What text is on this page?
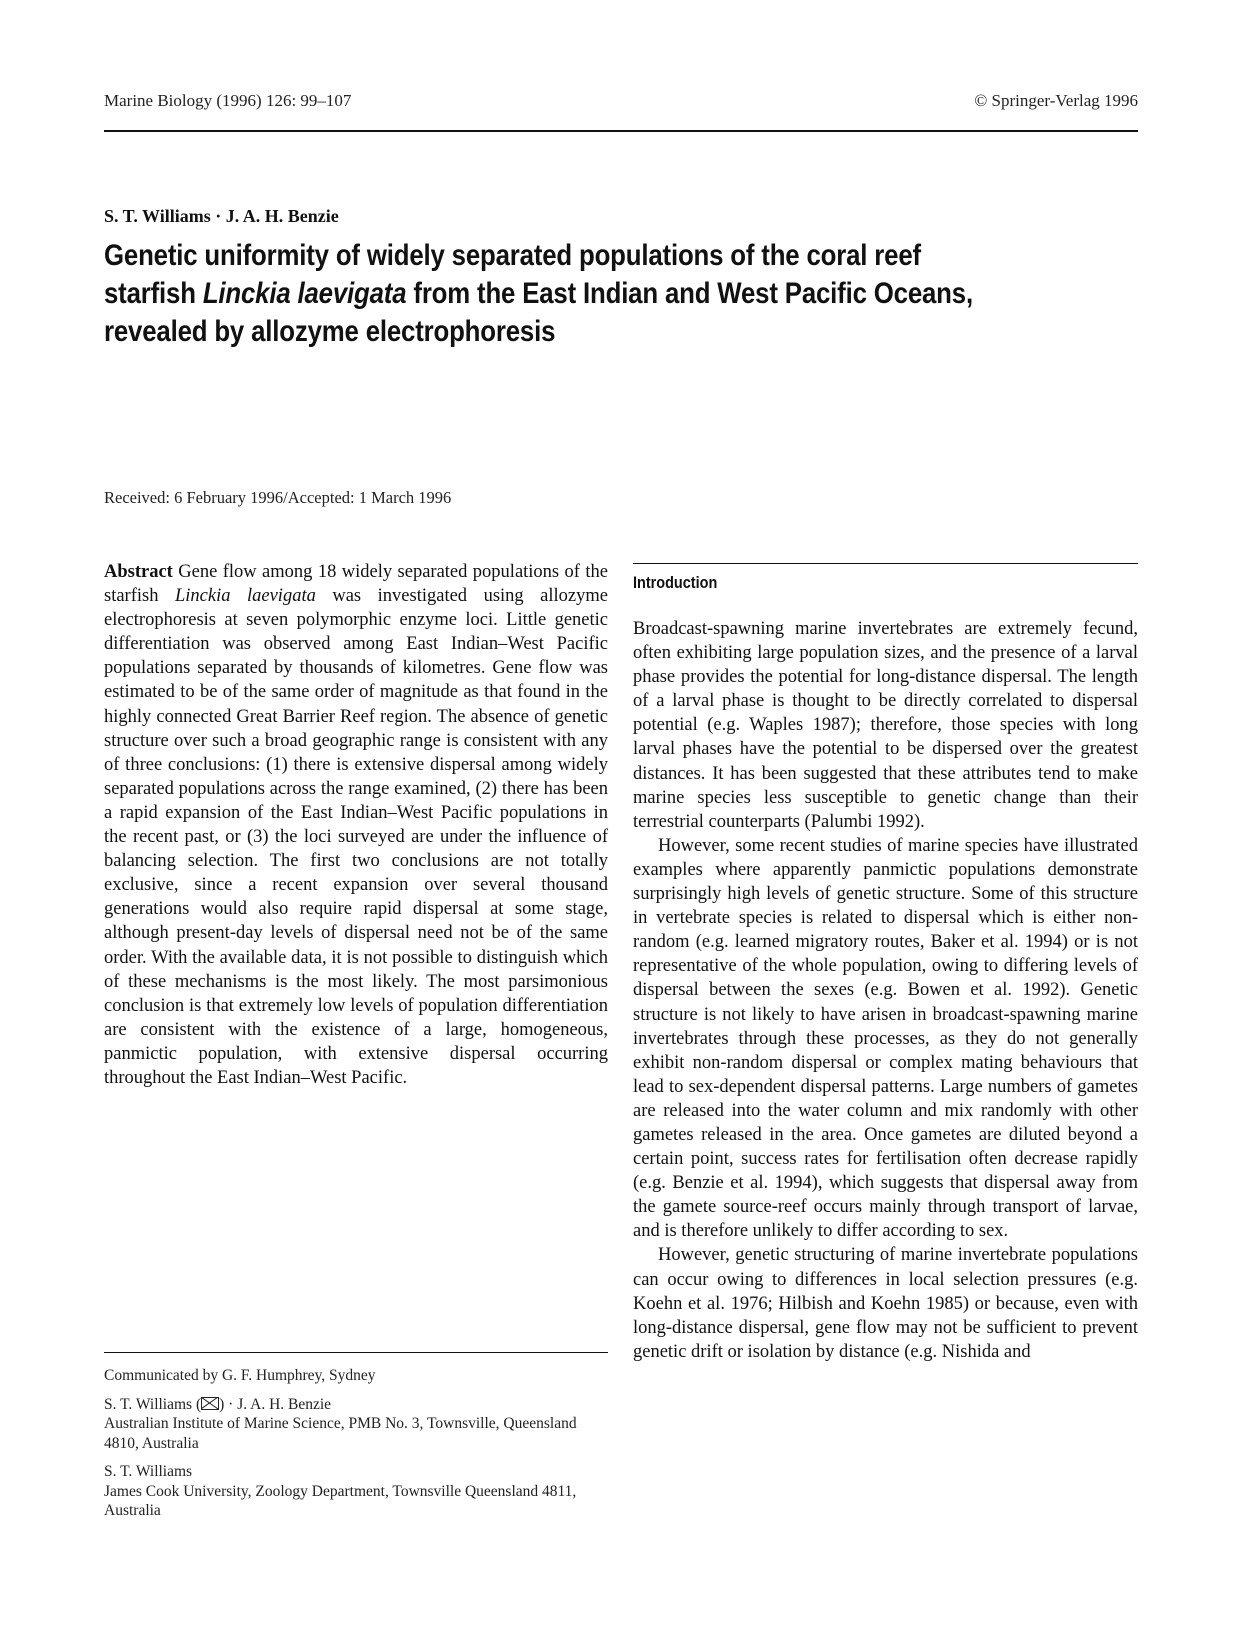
Marine Biology (1996) 126: 99–107	© Springer-Verlag 1996
S. T. Williams · J. A. H. Benzie
Genetic uniformity of widely separated populations of the coral reef starfish Linckia laevigata from the East Indian and West Pacific Oceans, revealed by allozyme electrophoresis
Received: 6 February 1996/Accepted: 1 March 1996

Abstract Gene flow among 18 widely separated populations of the starfish Linckia laevigata was investigated using allozyme electrophoresis at seven polymorphic enzyme loci. Little genetic differentiation was observed among East Indian–West Pacific populations separated by thousands of kilometres. Gene flow was estimated to be of the same order of magnitude as that found in the highly connected Great Barrier Reef region. The absence of genetic structure over such a broad geographic range is consistent with any of three conclusions: (1) there is extensive dispersal among widely separated populations across the range examined, (2) there has been a rapid expansion of the East Indian–West Pacific populations in the recent past, or (3) the loci surveyed are under the influence of balancing selection. The first two conclusions are not totally exclusive, since a recent expansion over several thousand generations would also require rapid dispersal at some stage, although present-day levels of dispersal need not be of the same order. With the available data, it is not possible to distinguish which of these mechanisms is the most likely. The most parsimonious conclusion is that extremely low levels of population differentiation are consistent with the existence of a large, homogeneous, panmictic population, with extensive dispersal occurring throughout the East Indian–West Pacific.

Communicated by G. F. Humphrey, Sydney
S. T. Williams ( ) · J. A. H. Benzie
Australian Institute of Marine Science, PMB No. 3, Townsville, Queensland 4810, Australia
S. T. Williams
James Cook University, Zoology Department, Townsville Queensland 4811, Australia
Introduction

Broadcast-spawning marine invertebrates are extremely fecund, often exhibiting large population sizes, and the presence of a larval phase provides the potential for long-distance dispersal. The length of a larval phase is thought to be directly correlated to dispersal potential (e.g. Waples 1987); therefore, those species with long larval phases have the potential to be dispersed over the greatest distances. It has been suggested that these attributes tend to make marine species less susceptible to genetic change than their terrestrial counterparts (Palumbi 1992).

However, some recent studies of marine species have illustrated examples where apparently panmictic populations demonstrate surprisingly high levels of genetic structure. Some of this structure in vertebrate species is related to dispersal which is either non-random (e.g. learned migratory routes, Baker et al. 1994) or is not representative of the whole population, owing to differing levels of dispersal between the sexes (e.g. Bowen et al. 1992). Genetic structure is not likely to have arisen in broadcast-spawning marine invertebrates through these processes, as they do not generally exhibit non-random dispersal or complex mating behaviours that lead to sex-dependent dispersal patterns. Large numbers of gametes are released into the water column and mix randomly with other gametes released in the area. Once gametes are diluted beyond a certain point, success rates for fertilisation often decrease rapidly (e.g. Benzie et al. 1994), which suggests that dispersal away from the gamete source-reef occurs mainly through transport of larvae, and is therefore unlikely to differ according to sex.

However, genetic structuring of marine invertebrate populations can occur owing to differences in local selection pressures (e.g. Koehn et al. 1976; Hilbish and Koehn 1985) or because, even with long-distance dispersal, gene flow may not be sufficient to prevent genetic drift or isolation by distance (e.g. Nishida and
